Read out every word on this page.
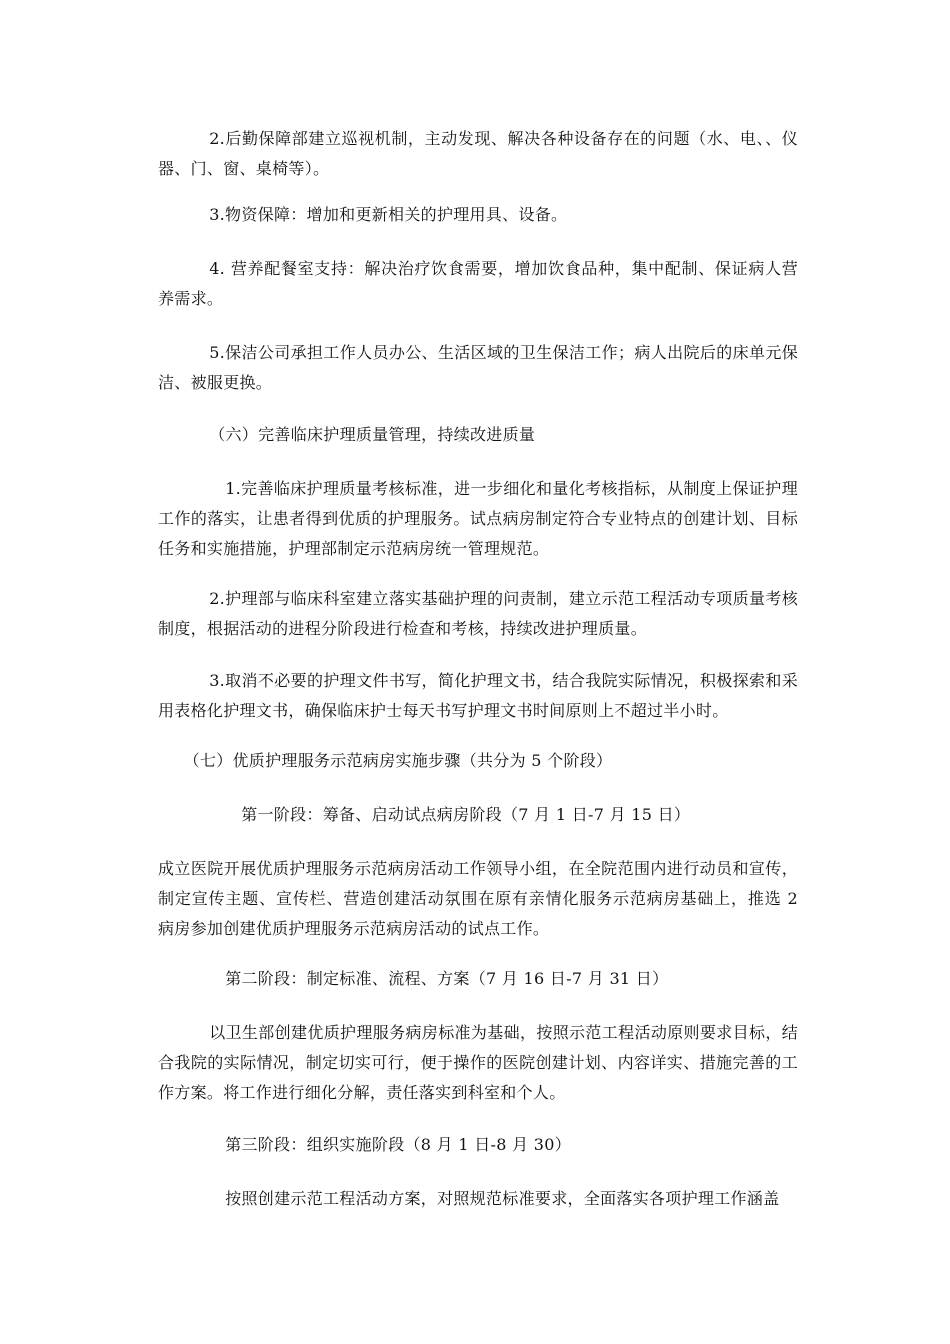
2.后勤保障部建立巡视机制，主动发现、解决各种设备存在的问题（水、电、、仪器、门、窗、桌椅等）。

3.物资保障：增加和更新相关的护理用具、设备。

4. 营养配餐室支持：解决治疗饮食需要，增加饮食品种，集中配制、保证病人营养需求。

5.保洁公司承担工作人员办公、生活区域的卫生保洁工作；病人出院后的床单元保洁、被服更换。

（六）完善临床护理质量管理，持续改进质量

1.完善临床护理质量考核标准，进一步细化和量化考核指标，从制度上保证护理工作的落实，让患者得到优质的护理服务。试点病房制定符合专业特点的创建计划、目标任务和实施措施，护理部制定示范病房统一管理规范。

2.护理部与临床科室建立落实基础护理的问责制，建立示范工程活动专项质量考核制度，根据活动的进程分阶段进行检查和考核，持续改进护理质量。

3.取消不必要的护理文件书写，简化护理文书，结合我院实际情况，积极探索和采用表格化护理文书，确保临床护士每天书写护理文书时间原则上不超过半小时。

（七）优质护理服务示范病房实施步骤（共分为 5 个阶段）

第一阶段：筹备、启动试点病房阶段（7 月 1 日-7 月 15 日）

成立医院开展优质护理服务示范病房活动工作领导小组，在全院范围内进行动员和宣传，制定宣传主题、宣传栏、营造创建活动氛围在原有亲情化服务示范病房基础上，推选 2 病房参加创建优质护理服务示范病房活动的试点工作。

第二阶段：制定标准、流程、方案（7 月 16 日-7 月 31 日）

以卫生部创建优质护理服务病房标准为基础，按照示范工程活动原则要求目标，结合我院的实际情况，制定切实可行，便于操作的医院创建计划、内容详实、措施完善的工作方案。将工作进行细化分解，责任落实到科室和个人。

第三阶段：组织实施阶段（8 月 1 日-8 月 30）

按照创建示范工程活动方案，对照规范标准要求，全面落实各项护理工作涵盖
